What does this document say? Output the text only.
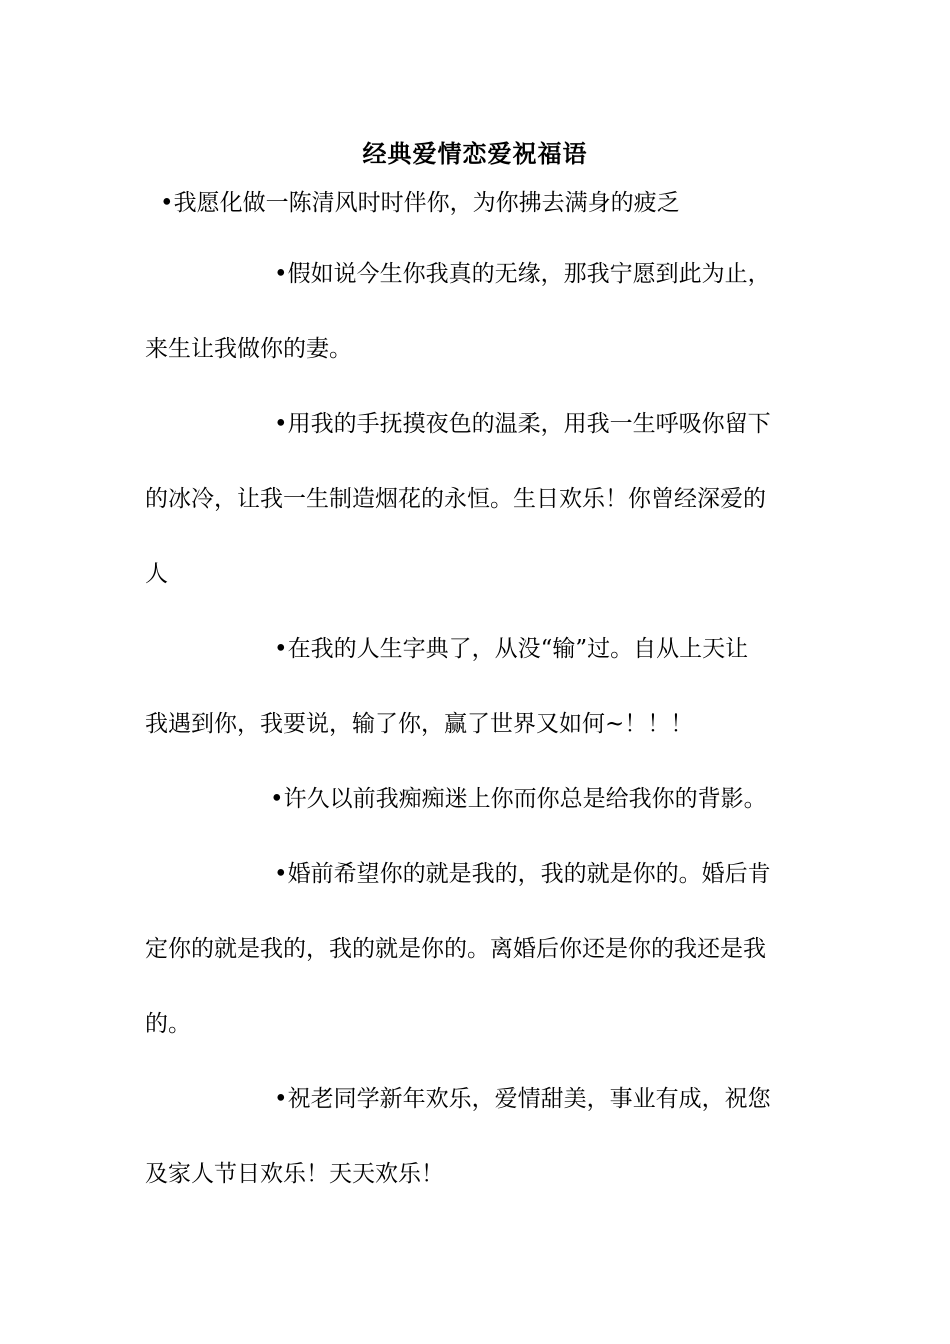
经典爱情恋爱祝福语
•我愿化做一陈清风时时伴你，为你拂去满身的疲乏
•假如说今生你我真的无缘，那我宁愿到此为止，
来生让我做你的妻。
•用我的手抚摸夜色的温柔，用我一生呼吸你留下
的冰冷，让我一生制造烟花的永恒。生日欢乐！你曾经深爱的
人
•在我的人生字典了，从没“输”过。自从上天让
我遇到你，我要说，输了你，赢了世界又如何~！！！
•许久以前我痴痴迷上你而你总是给我你的背影。
•婚前希望你的就是我的，我的就是你的。婚后肯
定你的就是我的，我的就是你的。离婚后你还是你的我还是我
的。
•祝老同学新年欢乐，爱情甜美，事业有成，祝您
及家人节日欢乐！天天欢乐！
